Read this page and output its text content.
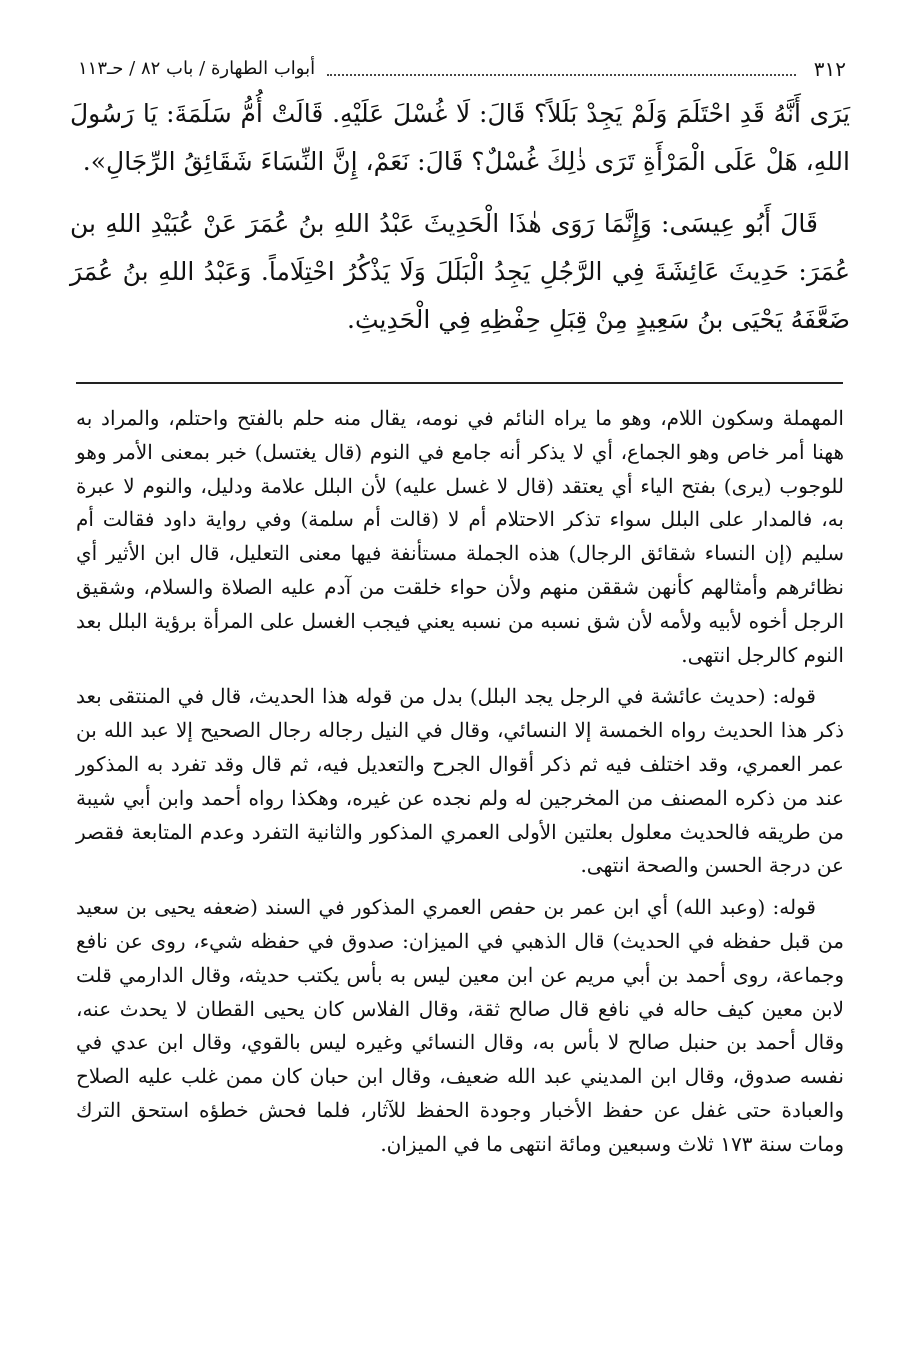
٣١٢
أبواب الطهارة / باب ٨٢ / حـ١١٣

يَرَى أَنَّهُ قَدِ احْتَلَمَ وَلَمْ يَجِدْ بَلَلاً؟ قَالَ: لَا غُسْلَ عَلَيْهِ. قَالَتْ أُمُّ سَلَمَةَ: يَا رَسُولَ اللهِ، هَلْ عَلَى الْمَرْأَةِ تَرَى ذٰلِكَ غُسْلٌ؟ قَالَ: نَعَمْ، إِنَّ النِّسَاءَ شَقَائِقُ الرِّجَالِ».

قَالَ أَبُو عِيسَى: وَإِنَّمَا رَوَى هٰذَا الْحَدِيثَ عَبْدُ اللهِ بنُ عُمَرَ عَنْ عُبَيْدِ اللهِ بن عُمَرَ: حَدِيثَ عَائِشَةَ فِي الرَّجُلِ يَجِدُ الْبَلَلَ وَلَا يَذْكُرُ احْتِلَاماً. وَعَبْدُ اللهِ بنُ عُمَرَ ضَعَّفَهُ يَحْيَى بنُ سَعِيدٍ مِنْ قِبَلِ حِفْظِهِ فِي الْحَدِيثِ.

المهملة وسكون اللام، وهو ما يراه النائم في نومه، يقال منه حلم بالفتح واحتلم، والمراد به ههنا أمر خاص وهو الجماع، أي لا يذكر أنه جامع في النوم (قال يغتسل) خبر بمعنى الأمر وهو للوجوب (يرى) بفتح الياء أي يعتقد (قال لا غسل عليه) لأن البلل علامة ودليل، والنوم لا عبرة به، فالمدار على البلل سواء تذكر الاحتلام أم لا (قالت أم سلمة) وفي رواية داود فقالت أم سليم (إن النساء شقائق الرجال) هذه الجملة مستأنفة فيها معنى التعليل، قال ابن الأثير أي نظائرهم وأمثالهم كأنهن شققن منهم ولأن حواء خلقت من آدم عليه الصلاة والسلام، وشقيق الرجل أخوه لأبيه ولأمه لأن شق نسبه من نسبه يعني فيجب الغسل على المرأة برؤية البلل بعد النوم كالرجل انتهى.

قوله: (حديث عائشة في الرجل يجد البلل) بدل من قوله هذا الحديث، قال في المنتقى بعد ذكر هذا الحديث رواه الخمسة إلا النسائي، وقال في النيل رجاله رجال الصحيح إلا عبد الله بن عمر العمري، وقد اختلف فيه ثم ذكر أقوال الجرح والتعديل فيه، ثم قال وقد تفرد به المذكور عند من ذكره المصنف من المخرجين له ولم نجده عن غيره، وهكذا رواه أحمد وابن أبي شيبة من طريقه فالحديث معلول بعلتين الأولى العمري المذكور والثانية التفرد وعدم المتابعة فقصر عن درجة الحسن والصحة انتهى.

قوله: (وعبد الله) أي ابن عمر بن حفص العمري المذكور في السند (ضعفه يحيى بن سعيد من قبل حفظه في الحديث) قال الذهبي في الميزان: صدوق في حفظه شيء، روى عن نافع وجماعة، روى أحمد بن أبي مريم عن ابن معين ليس به بأس يكتب حديثه، وقال الدارمي قلت لابن معين كيف حاله في نافع قال صالح ثقة، وقال الفلاس كان يحيى القطان لا يحدث عنه، وقال أحمد بن حنبل صالح لا بأس به، وقال النسائي وغيره ليس بالقوي، وقال ابن عدي في نفسه صدوق، وقال ابن المديني عبد الله ضعيف، وقال ابن حبان كان ممن غلب عليه الصلاح والعبادة حتى غفل عن حفظ الأخبار وجودة الحفظ للآثار، فلما فحش خطؤه استحق الترك ومات سنة ١٧٣ ثلاث وسبعين ومائة انتهى ما في الميزان.
